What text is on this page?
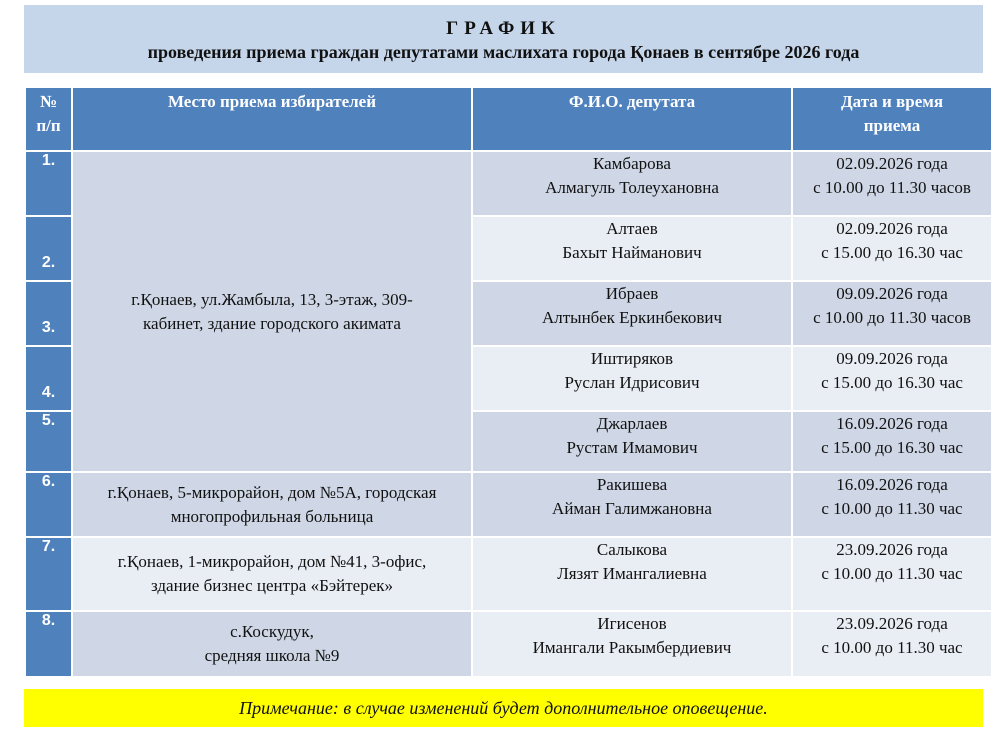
ГРАФИК
проведения приема граждан депутатами маслихата города Қонаев в сентябре 2026 года
№
п/п	Место приема избирателей	Ф.И.О. депутата	Дата и время
приема
1.	г.Қонаев, ул.Жамбыла, 13, 3-этаж, 309-
кабинет, здание городского акимата	Камбарова
Алмагуль Толеухановна	02.09.2026 года
с 10.00 до 11.30 часов
2.		Алтаев
Бахыт Найманович	02.09.2026 года
с 15.00 до 16.30 час
3.		Ибраев
Алтынбек Еркинбекович	09.09.2026 года
с 10.00 до 11.30 часов
4.		Иштиряков
Руслан Идрисович	09.09.2026 года
с 15.00 до 16.30 час
5.		Джарлаев
Рустам Имамович	16.09.2026 года
с 15.00 до 16.30 час
6.	г.Қонаев, 5-микрорайон, дом №5А, городская
многопрофильная больница	Ракишева
Айман Галимжановна	16.09.2026 года
с 10.00 до 11.30 час
7.	г.Қонаев, 1-микрорайон, дом №41, 3-офис,
здание бизнес центра «Бэйтерек»	Салыкова
Лязят Имангалиевна	23.09.2026 года
с 10.00 до 11.30 час
8.	с.Коскудук,
средняя школа №9	Игисенов
Имангали Ракымбердиевич	23.09.2026 года
с 10.00 до 11.30 час
Примечание: в случае изменений будет дополнительное оповещение.
